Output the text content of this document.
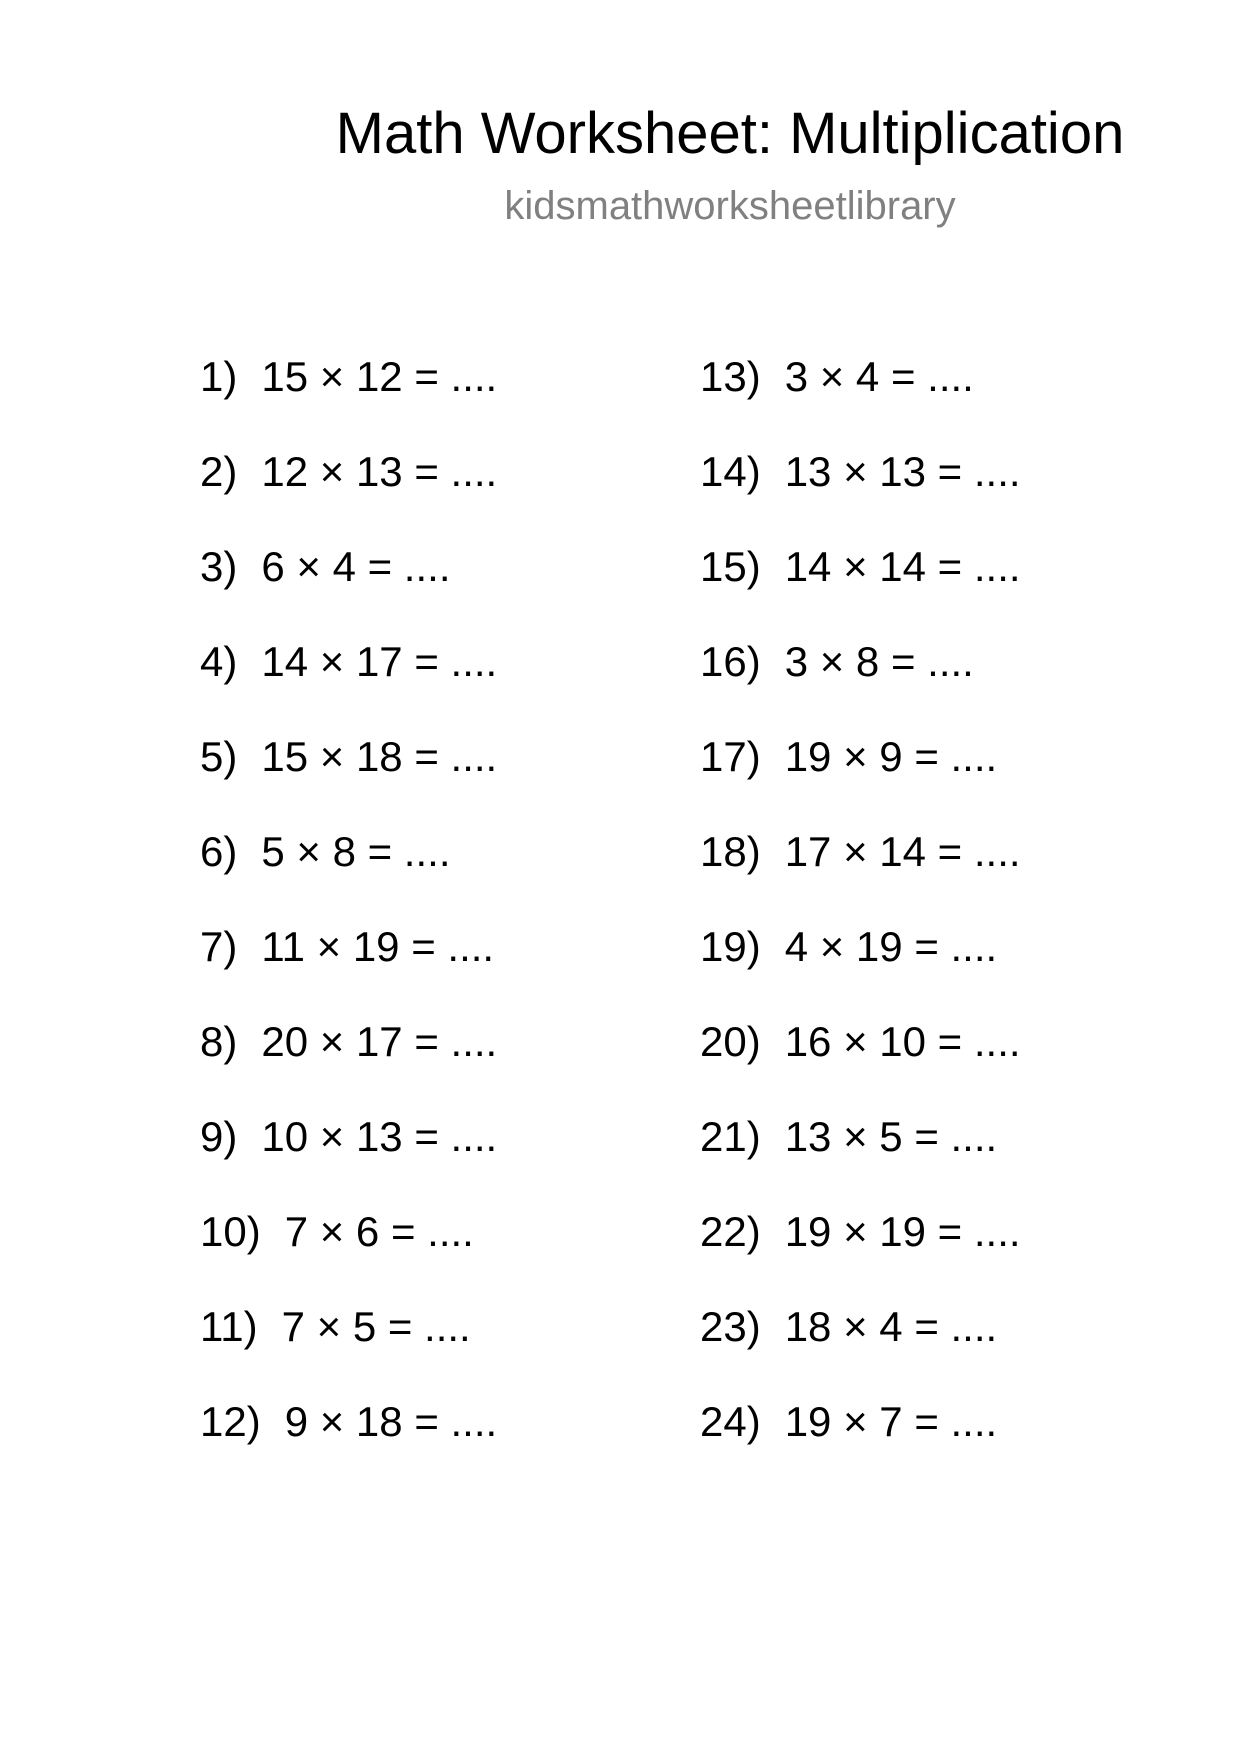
Math Worksheet: Multiplication
kidsmathworksheetlibrary
1) 15 × 12 = ....
2) 12 × 13 = ....
3) 6 × 4 = ....
4) 14 × 17 = ....
5) 15 × 18 = ....
6) 5 × 8 = ....
7) 11 × 19 = ....
8) 20 × 17 = ....
9) 10 × 13 = ....
10) 7 × 6 = ....
11) 7 × 5 = ....
12) 9 × 18 = ....
13) 3 × 4 = ....
14) 13 × 13 = ....
15) 14 × 14 = ....
16) 3 × 8 = ....
17) 19 × 9 = ....
18) 17 × 14 = ....
19) 4 × 19 = ....
20) 16 × 10 = ....
21) 13 × 5 = ....
22) 19 × 19 = ....
23) 18 × 4 = ....
24) 19 × 7 = ....
